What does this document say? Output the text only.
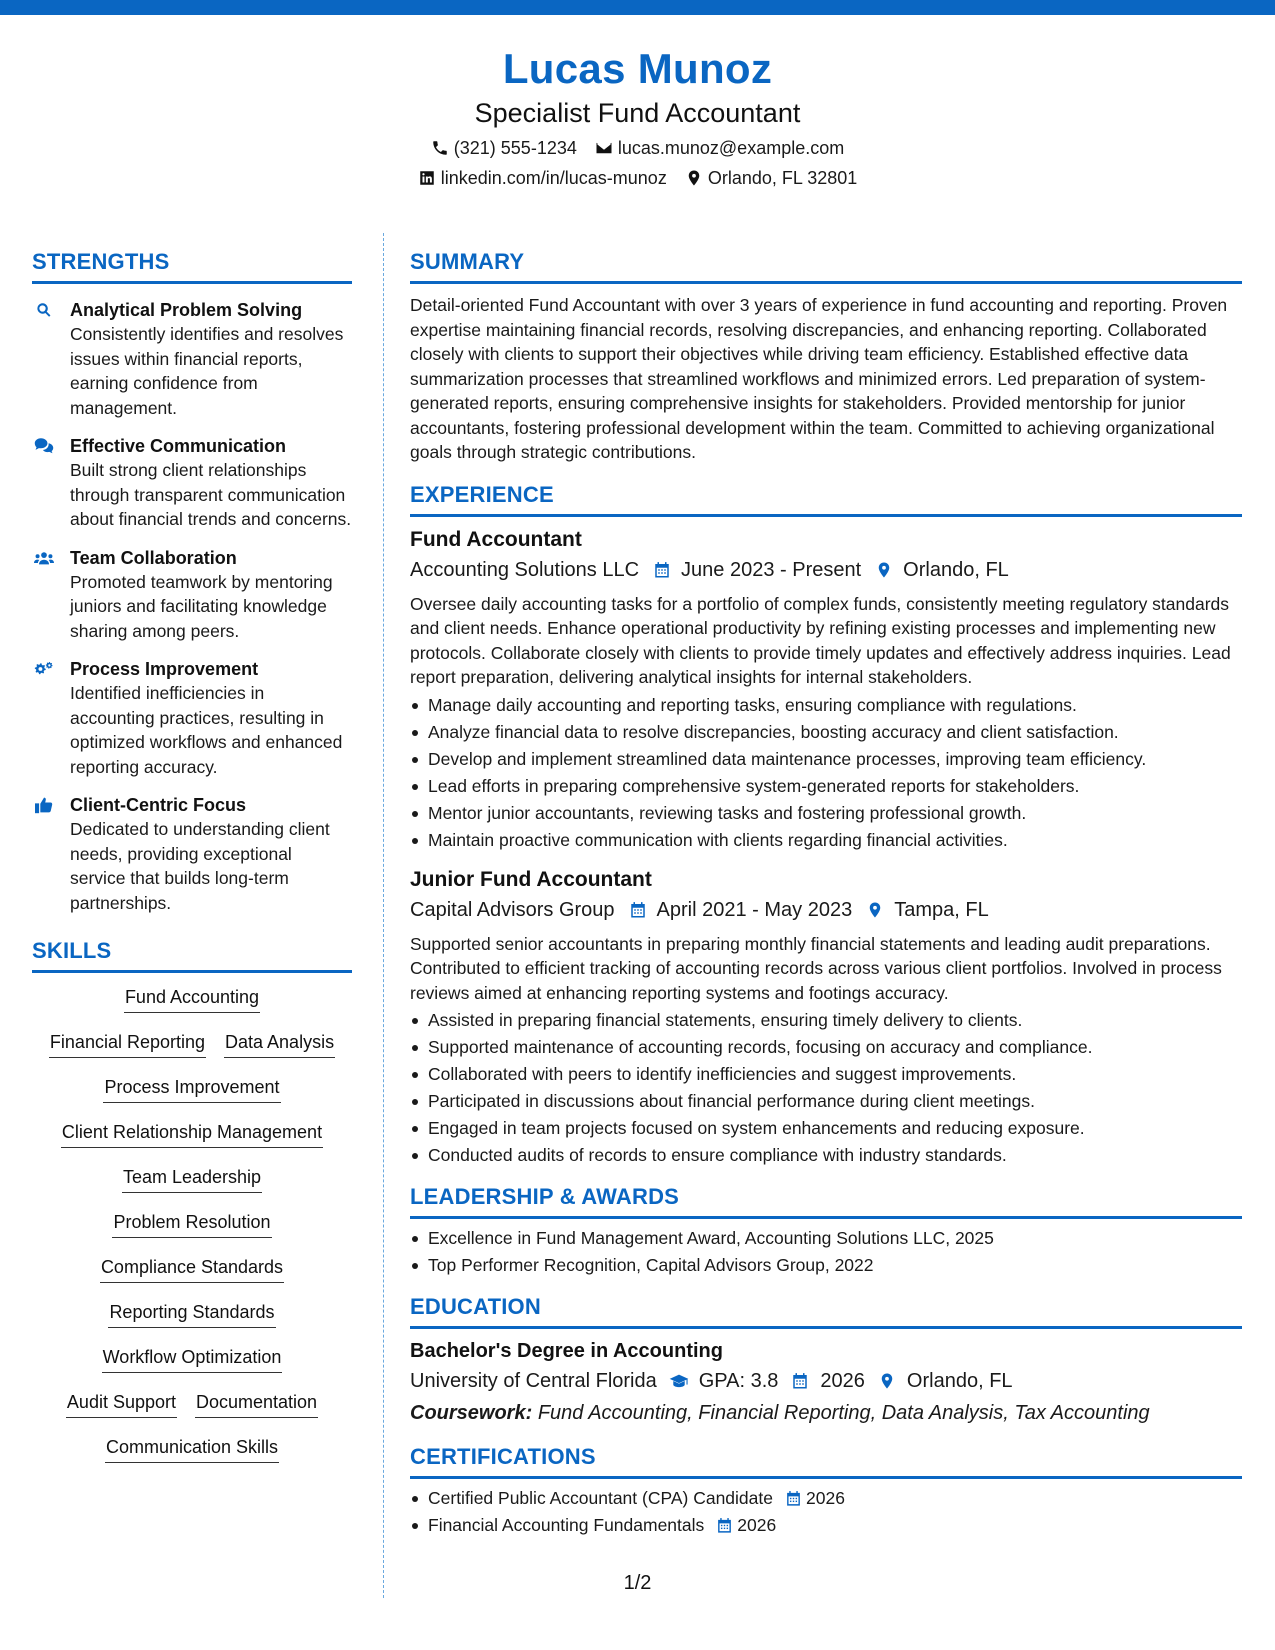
Lucas Munoz
Specialist Fund Accountant
(321) 555-1234 lucas.munoz@example.com
linkedin.com/in/lucas-munoz Orlando, FL 32801
STRENGTHS
Analytical Problem Solving
Consistently identifies and resolves issues within financial reports, earning confidence from management.
Effective Communication
Built strong client relationships through transparent communication about financial trends and concerns.
Team Collaboration
Promoted teamwork by mentoring juniors and facilitating knowledge sharing among peers.
Process Improvement
Identified inefficiencies in accounting practices, resulting in optimized workflows and enhanced reporting accuracy.
Client-Centric Focus
Dedicated to understanding client needs, providing exceptional service that builds long-term partnerships.
SKILLS
Fund Accounting
Financial Reporting Data Analysis
Process Improvement
Client Relationship Management
Team Leadership
Problem Resolution
Compliance Standards
Reporting Standards
Workflow Optimization
Audit Support Documentation
Communication Skills
SUMMARY
Detail-oriented Fund Accountant with over 3 years of experience in fund accounting and reporting. Proven expertise maintaining financial records, resolving discrepancies, and enhancing reporting. Collaborated closely with clients to support their objectives while driving team efficiency. Established effective data summarization processes that streamlined workflows and minimized errors. Led preparation of system-generated reports, ensuring comprehensive insights for stakeholders. Provided mentorship for junior accountants, fostering professional development within the team. Committed to achieving organizational goals through strategic contributions.
EXPERIENCE
Fund Accountant
Accounting Solutions LLC June 2023 - Present Orlando, FL
Oversee daily accounting tasks for a portfolio of complex funds, consistently meeting regulatory standards and client needs. Enhance operational productivity by refining existing processes and implementing new protocols. Collaborate closely with clients to provide timely updates and effectively address inquiries. Lead report preparation, delivering analytical insights for internal stakeholders.
Manage daily accounting and reporting tasks, ensuring compliance with regulations.
Analyze financial data to resolve discrepancies, boosting accuracy and client satisfaction.
Develop and implement streamlined data maintenance processes, improving team efficiency.
Lead efforts in preparing comprehensive system-generated reports for stakeholders.
Mentor junior accountants, reviewing tasks and fostering professional growth.
Maintain proactive communication with clients regarding financial activities.
Junior Fund Accountant
Capital Advisors Group April 2021 - May 2023 Tampa, FL
Supported senior accountants in preparing monthly financial statements and leading audit preparations. Contributed to efficient tracking of accounting records across various client portfolios. Involved in process reviews aimed at enhancing reporting systems and footings accuracy.
Assisted in preparing financial statements, ensuring timely delivery to clients.
Supported maintenance of accounting records, focusing on accuracy and compliance.
Collaborated with peers to identify inefficiencies and suggest improvements.
Participated in discussions about financial performance during client meetings.
Engaged in team projects focused on system enhancements and reducing exposure.
Conducted audits of records to ensure compliance with industry standards.
LEADERSHIP & AWARDS
Excellence in Fund Management Award, Accounting Solutions LLC, 2025
Top Performer Recognition, Capital Advisors Group, 2022
EDUCATION
Bachelor's Degree in Accounting
University of Central Florida GPA: 3.8 2026 Orlando, FL
Coursework: Fund Accounting, Financial Reporting, Data Analysis, Tax Accounting
CERTIFICATIONS
Certified Public Accountant (CPA) Candidate 2026
Financial Accounting Fundamentals 2026
1/2
